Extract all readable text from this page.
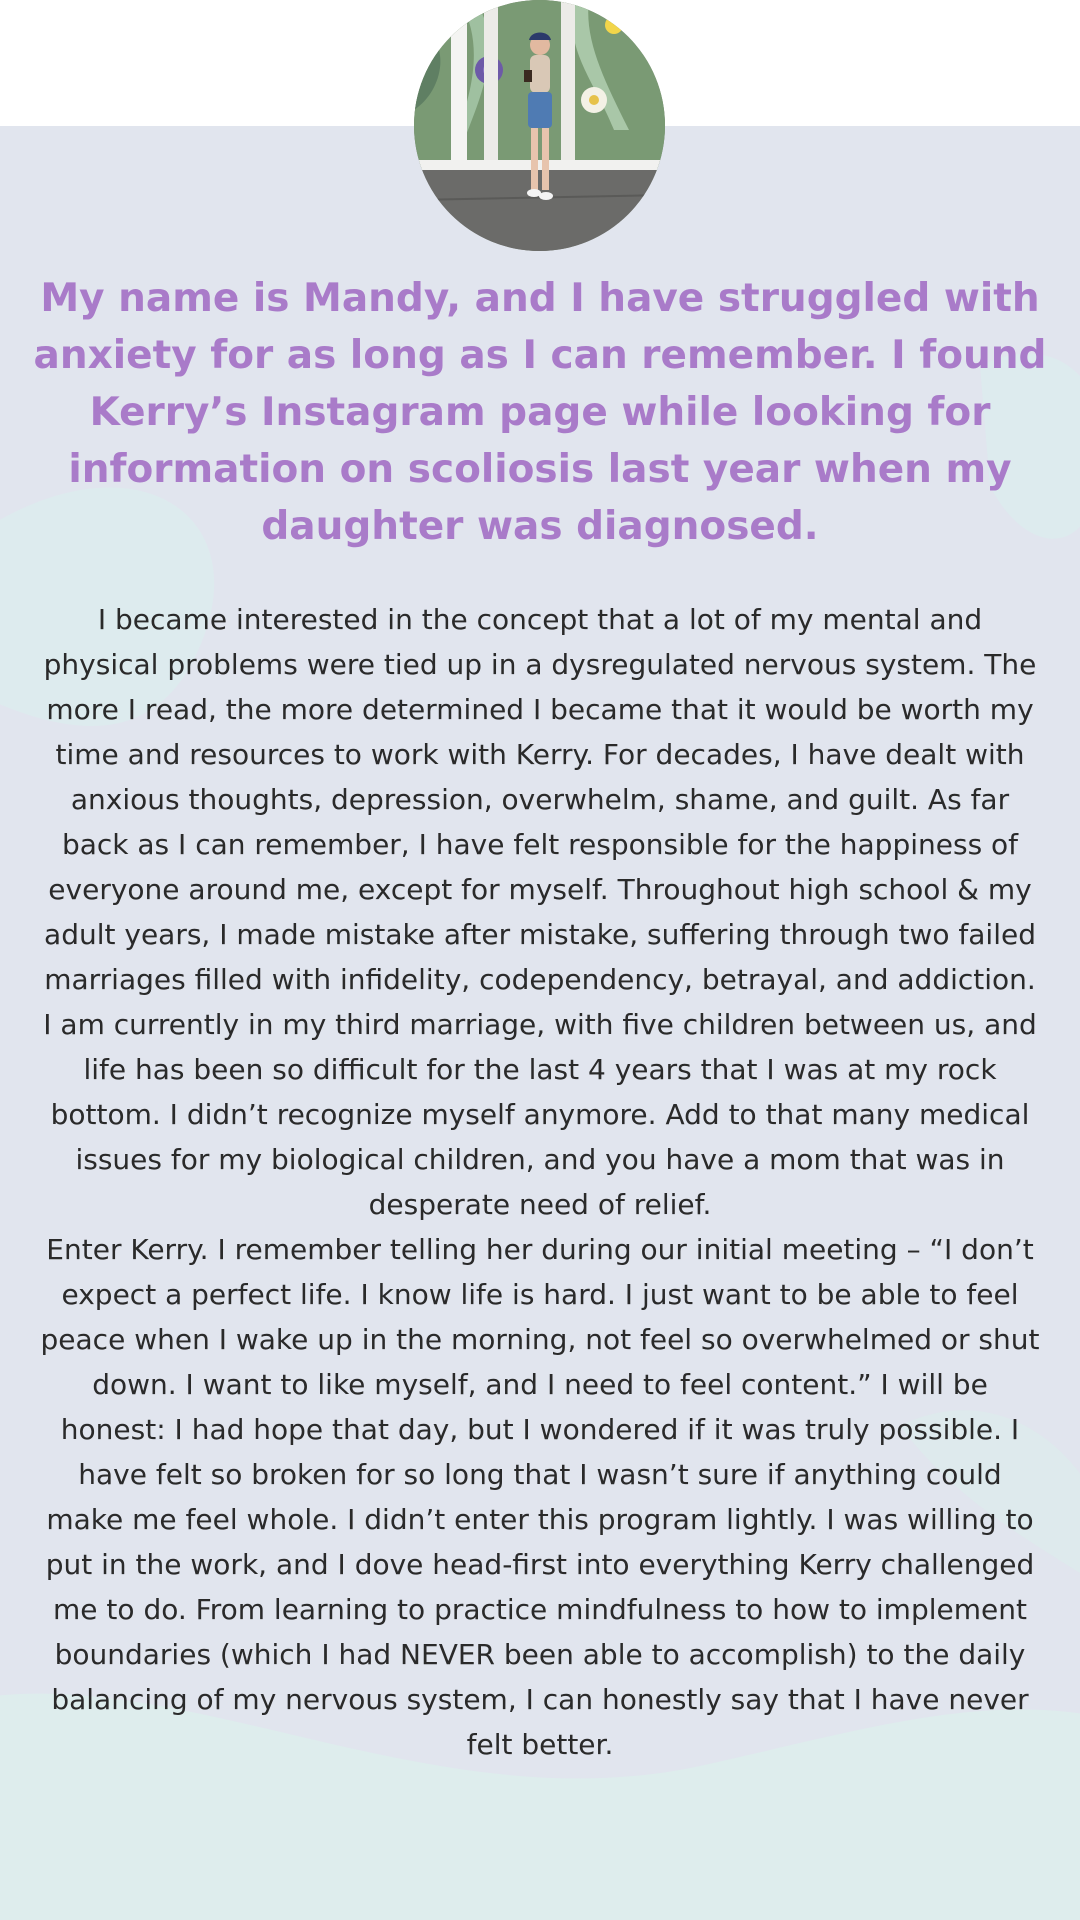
My name is Mandy, and I have struggled with anxiety for as long as I can remember. I found Kerry’s Instagram page while looking for information on scoliosis last year when my daughter was diagnosed.

I became interested in the concept that a lot of my mental and physical problems were tied up in a dysregulated nervous system. The more I read, the more determined I became that it would be worth my time and resources to work with Kerry. For decades, I have dealt with anxious thoughts, depression, overwhelm, shame, and guilt. As far back as I can remember, I have felt responsible for the happiness of everyone around me, except for myself. Throughout high school & my adult years, I made mistake after mistake, suffering through two failed marriages filled with infidelity, codependency, betrayal, and addiction. I am currently in my third marriage, with five children between us, and life has been so difficult for the last 4 years that I was at my rock bottom. I didn’t recognize myself anymore. Add to that many medical issues for my biological children, and you have a mom that was in desperate need of relief.

Enter Kerry. I remember telling her during our initial meeting – “I don’t expect a perfect life. I know life is hard. I just want to be able to feel peace when I wake up in the morning, not feel so overwhelmed or shut down. I want to like myself, and I need to feel content.” I will be honest: I had hope that day, but I wondered if it was truly possible. I have felt so broken for so long that I wasn’t sure if anything could make me feel whole. I didn’t enter this program lightly. I was willing to put in the work, and I dove head-first into everything Kerry challenged me to do. From learning to practice mindfulness to how to implement boundaries (which I had NEVER been able to accomplish) to the daily balancing of my nervous system, I can honestly say that I have never felt better.
